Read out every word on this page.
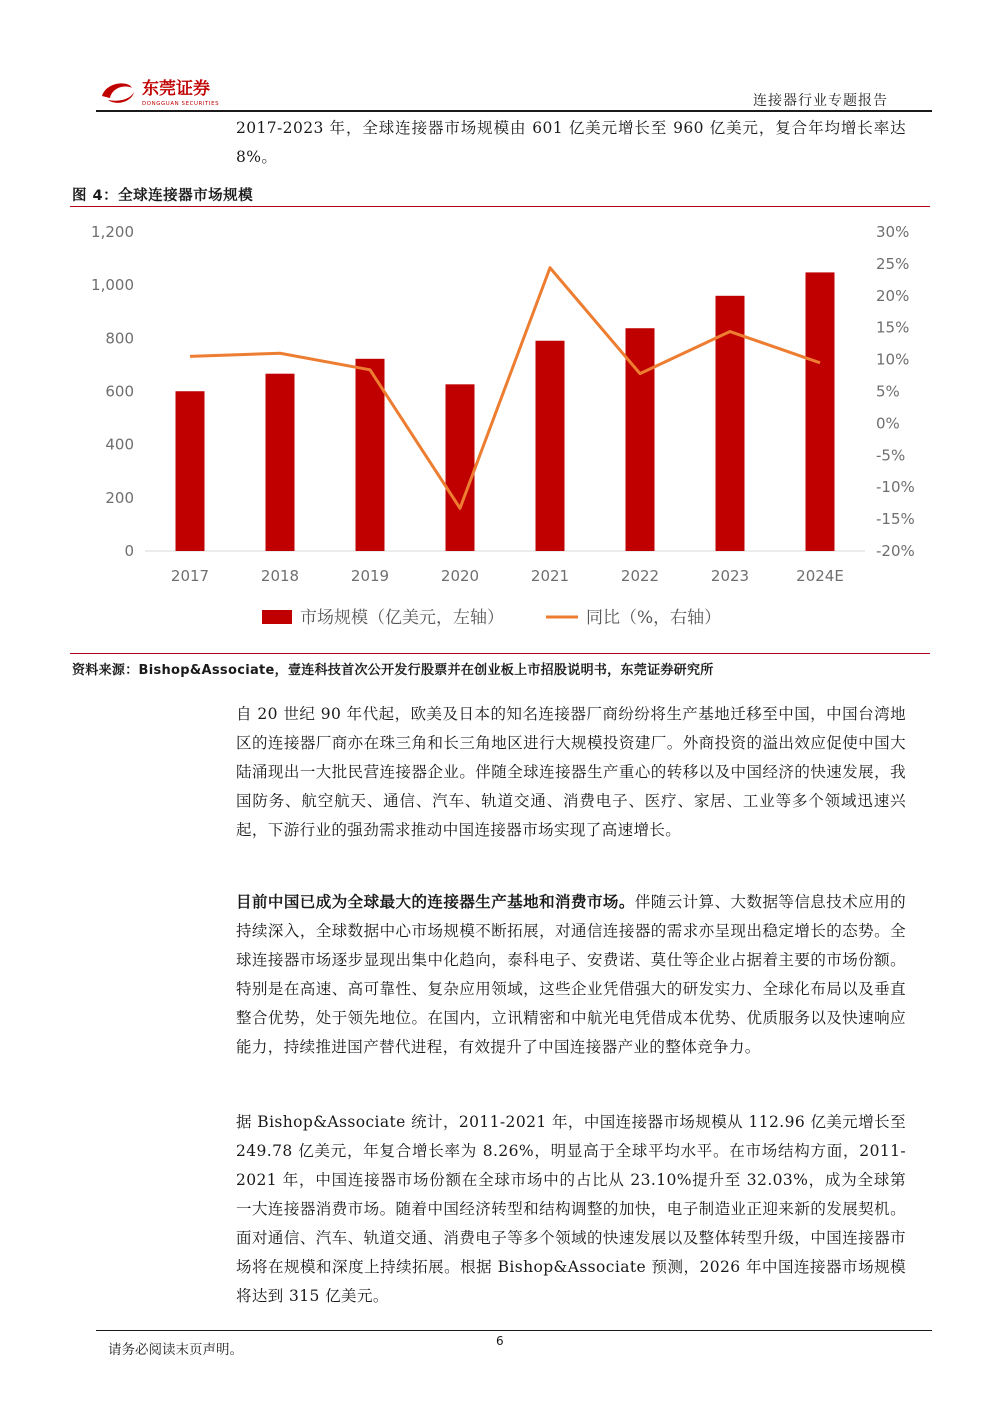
东莞证券
DONGGUAN SECURITIES	连接器行业专题报告

2017-2023 年，全球连接器市场规模由 601 亿美元增长至 960 亿美元，复合年均增长率达 8%。

图 4：全球连接器市场规模
0
200
400
600
800
1,000
1,200
-20%
-15%
-10%
-5%
0%
5%
10%
15%
20%
25%
30%
2017	2018	2019	2020	2021	2022	2023	2024E
市场规模（亿美元，左轴）	同比（%，右轴）
资料来源：Bishop&Associate，壹连科技首次公开发行股票并在创业板上市招股说明书，东莞证券研究所

自 20 世纪 90 年代起，欧美及日本的知名连接器厂商纷纷将生产基地迁移至中国，中国台湾地区的连接器厂商亦在珠三角和长三角地区进行大规模投资建厂。外商投资的溢出效应促使中国大陆涌现出一大批民营连接器企业。伴随全球连接器生产重心的转移以及中国经济的快速发展，我国防务、航空航天、通信、汽车、轨道交通、消费电子、医疗、家居、工业等多个领域迅速兴起，下游行业的强劲需求推动中国连接器市场实现了高速增长。

目前中国已成为全球最大的连接器生产基地和消费市场。伴随云计算、大数据等信息技术应用的持续深入，全球数据中心市场规模不断拓展，对通信连接器的需求亦呈现出稳定增长的态势。全球连接器市场逐步显现出集中化趋向，泰科电子、安费诺、莫仕等企业占据着主要的市场份额。特别是在高速、高可靠性、复杂应用领域，这些企业凭借强大的研发实力、全球化布局以及垂直整合优势，处于领先地位。在国内，立讯精密和中航光电凭借成本优势、优质服务以及快速响应能力，持续推进国产替代进程，有效提升了中国连接器产业的整体竞争力。

据 Bishop&Associate 统计，2011-2021 年，中国连接器市场规模从 112.96 亿美元增长至 249.78 亿美元，年复合增长率为 8.26%，明显高于全球平均水平。在市场结构方面，2011-2021 年，中国连接器市场份额在全球市场中的占比从 23.10%提升至 32.03%，成为全球第一大连接器消费市场。随着中国经济转型和结构调整的加快，电子制造业正迎来新的发展契机。面对通信、汽车、轨道交通、消费电子等多个领域的快速发展以及整体转型升级，中国连接器市场将在规模和深度上持续拓展。根据 Bishop&Associate 预测，2026 年中国连接器市场规模将达到 315 亿美元。

6
请务必阅读末页声明。
